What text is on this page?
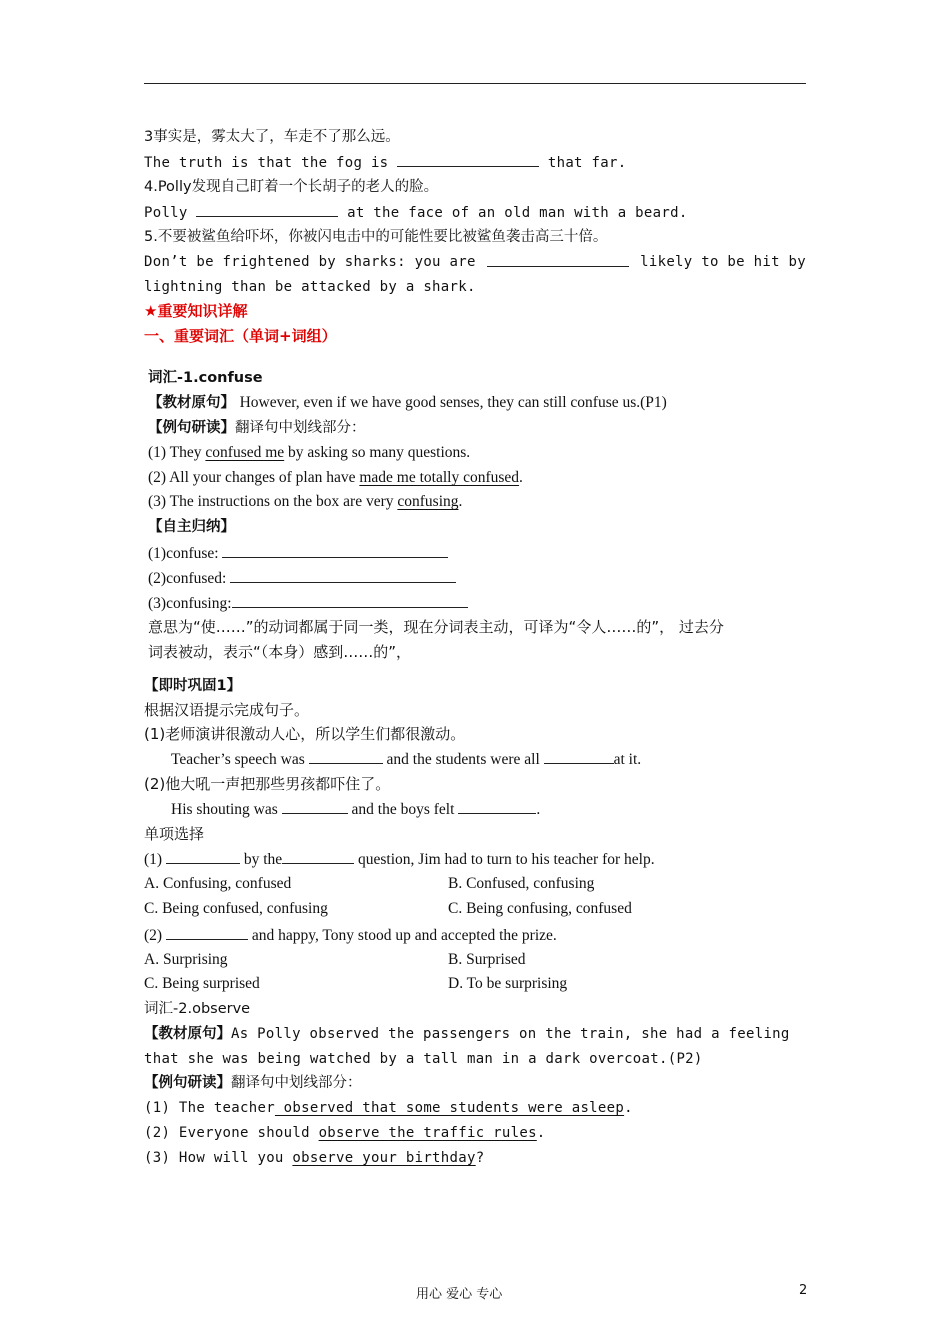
3事实是，雾太大了，车走不了那么远。
The truth is that the fog is	that far.
4.Polly发现自己盯着一个长胡子的老人的脸。
Polly	at the face of an old man with a beard.
5.不要被鲨鱼给吓坏，你被闪电击中的可能性要比被鲨鱼袭击高三十倍。
Don’t be frightened by sharks: you are	likely to be hit by
lightning than be attacked by a shark.
★重要知识详解
一、重要词汇（单词+词组）
词汇-1.confuse
【教材原句】 However, even if we have good senses, they can still confuse us.(P1)
【例句研读】翻译句中划线部分：
(1) They confused me by asking so many questions.
(2) All your changes of plan have made me totally confused.
(3) The instructions on the box are very confusing.
【自主归纳】
(1)confuse:
(2)confused:
(3)confusing:
意思为“使……”的动词都属于同一类，现在分词表主动，可译为“令人……的”， 过去分
词表被动，表示“（本身）感到……的”，
【即时巩固1】
根据汉语提示完成句子。
(1)老师演讲很激动人心，所以学生们都很激动。
Teacher’s speech was	and the students were all	at it.
(2)他大吼一声把那些男孩都吓住了。
His shouting was	and the boys felt	.
单项选择
(1)	by the	question, Jim had to turn to his teacher for help.
A. Confusing, confused	B. Confused, confusing
C. Being confused, confusing	C. Being confusing, confused
(2)	and happy, Tony stood up and accepted the prize.
A. Surprising	B. Surprised
C. Being surprised	D. To be surprising
词汇-2.observe
【教材原句】As Polly observed the passengers on the train, she had a feeling
that she was being watched by a tall man in a dark overcoat.(P2)
【例句研读】翻译句中划线部分：
(1) The teacher observed that some students were asleep.
(2) Everyone should observe the traffic rules.
(3) How will you observe your birthday?
用心 爱心 专心	2
